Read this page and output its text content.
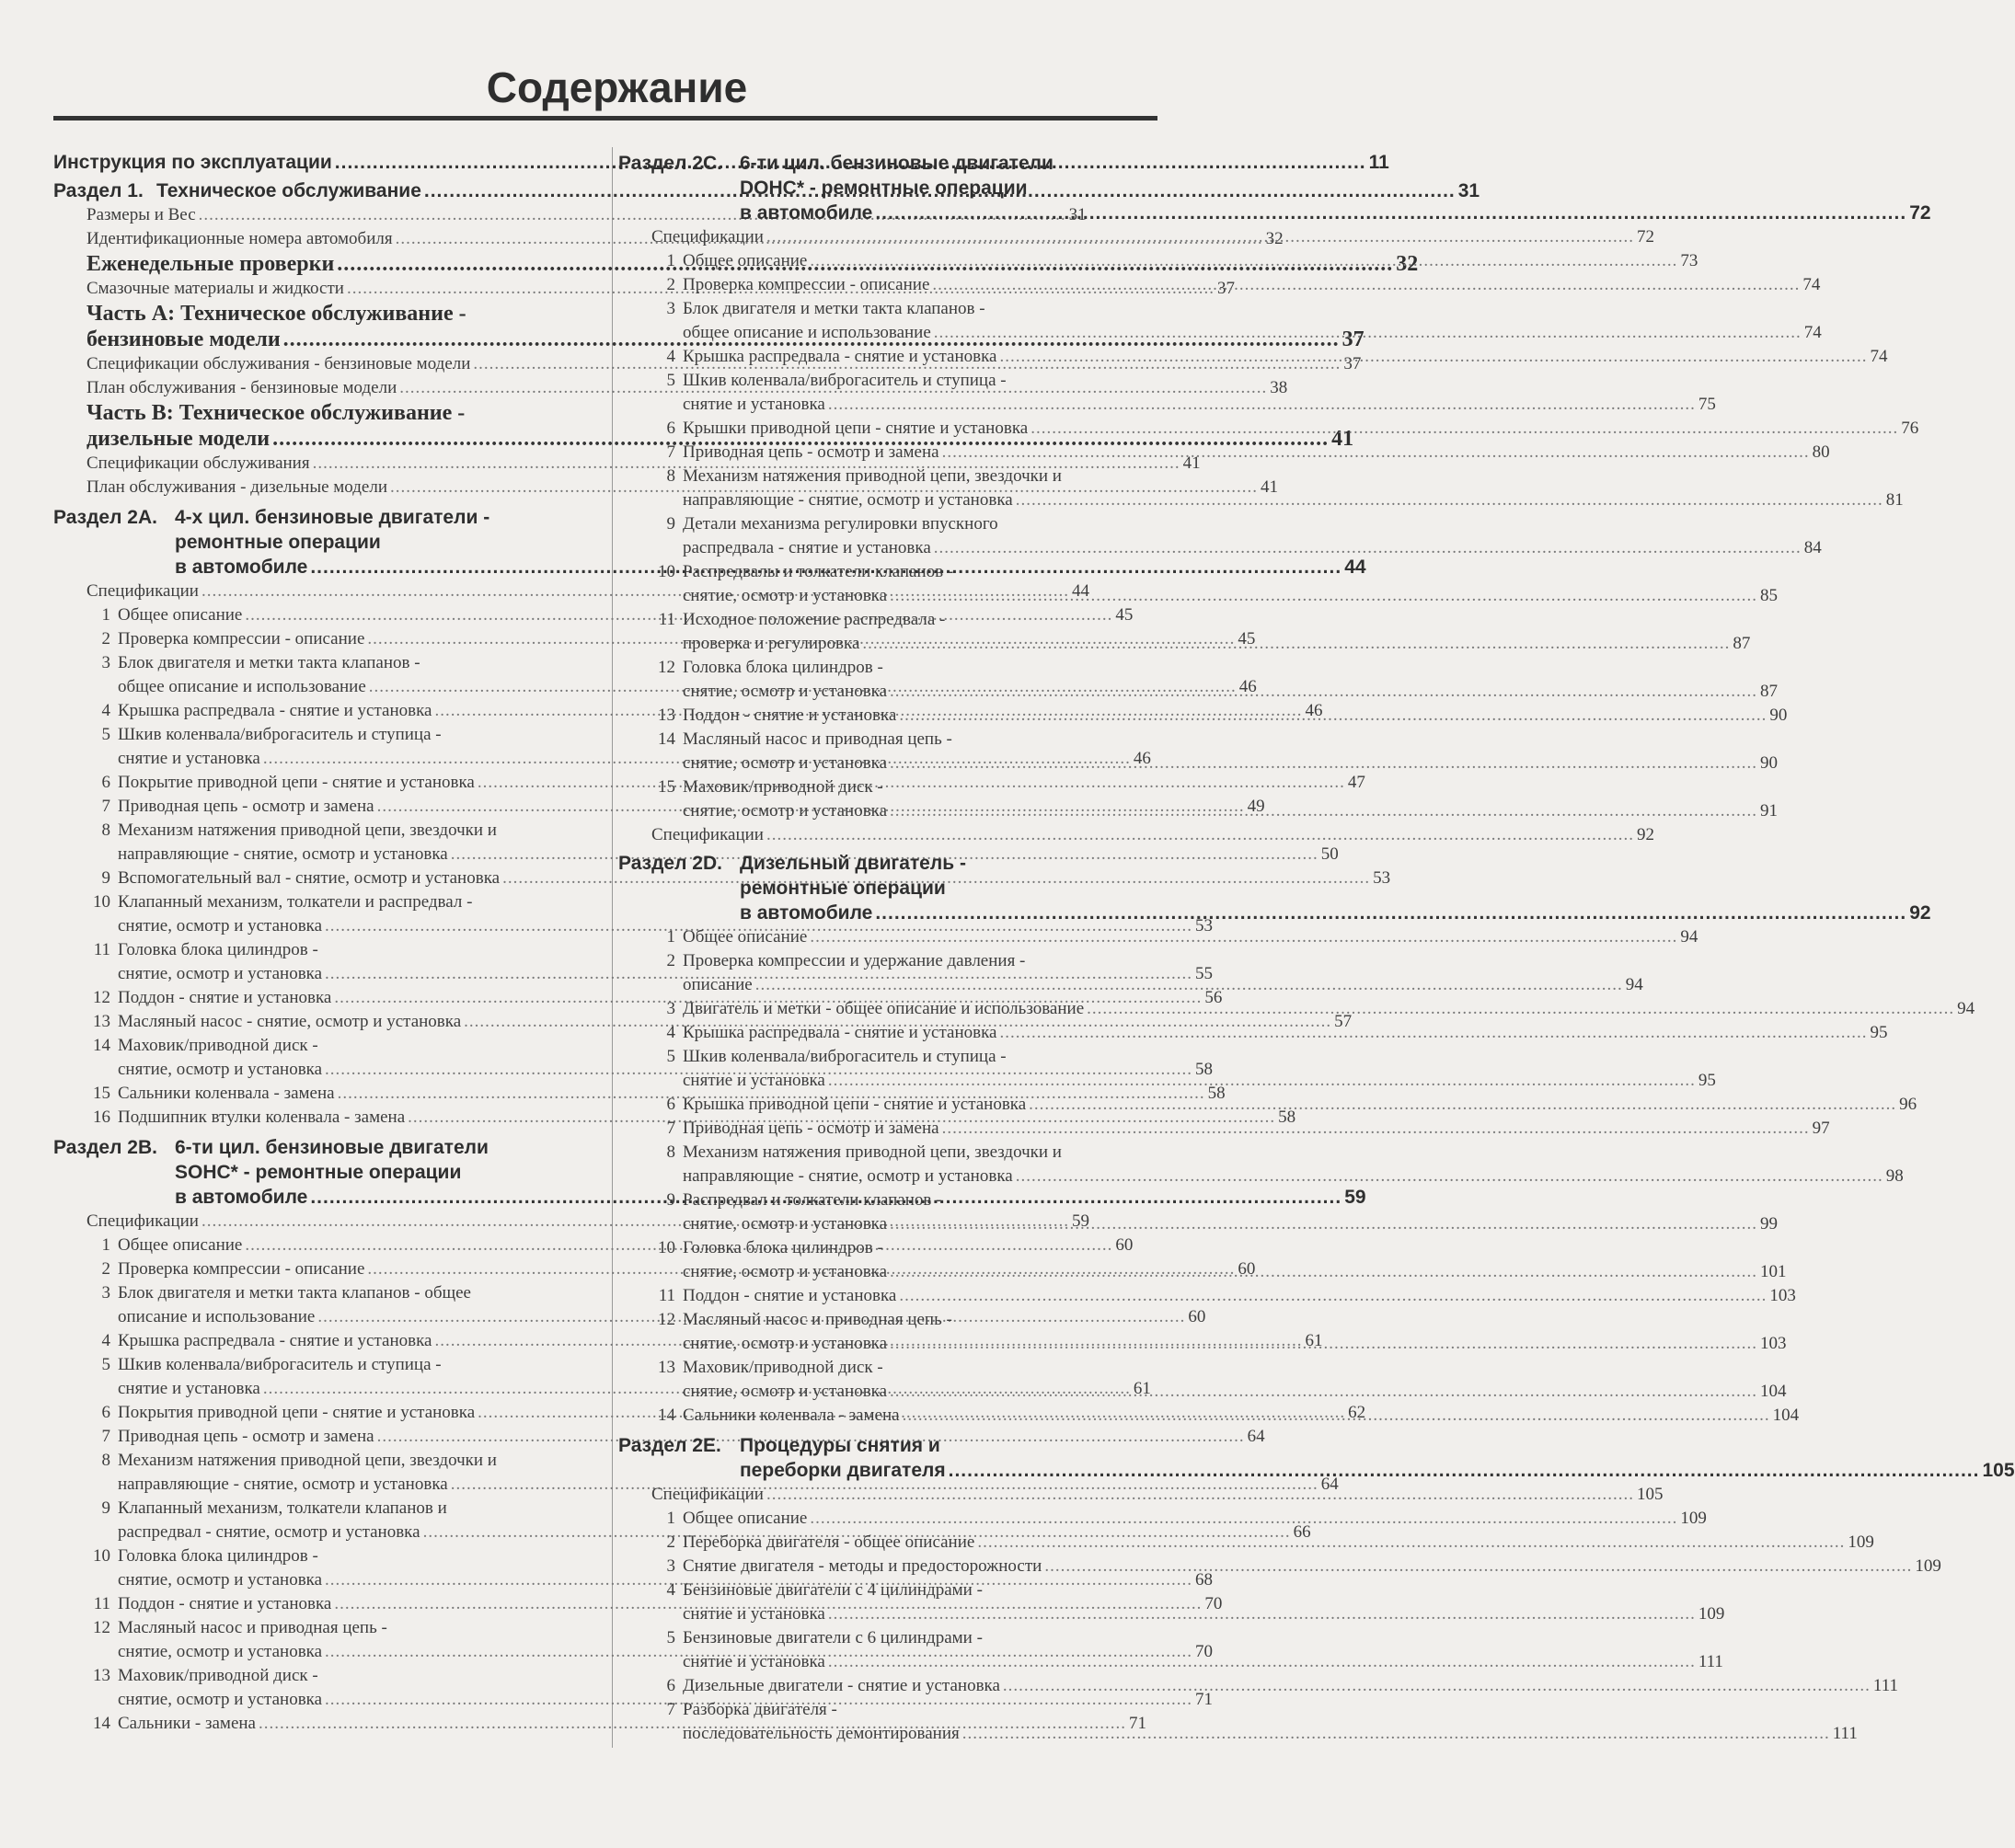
Содержание
Инструкция по эксплуатации .....	11
Раздел 1. Техническое обслуживание .....	31
Размеры и Вес .....	31
Идентификационные номера автомобиля .....	32
Еженедельные проверки .....	32
Смазочные материалы и жидкости .....	37
Часть А: Техническое обслуживание -
бензиновые модели .....	37
Спецификации обслуживания - бензиновые модели .....	37
План обслуживания - бензиновые модели .....	38
Часть В: Техническое обслуживание -
дизельные модели .....	41
Спецификации обслуживания .....	41
План обслуживания - дизельные модели .....	41
Раздел 2А. 4-х цил. бензиновые двигатели -
ремонтные операции
в автомобиле .....	44
Спецификации .....	44
1 Общее описание .....	45
2 Проверка компрессии - описание .....	45
3 Блок двигателя и метки такта клапанов -
общее описание и использование .....	46
4 Крышка распредвала - снятие и установка .....	46
5 Шкив коленвала/виброгаситель и ступица -
снятие и установка .....	46
6 Покрытие приводной цепи - снятие и установка .....	47
7 Приводная цепь - осмотр и замена .....	49
8 Механизм натяжения приводной цепи, звездочки и
направляющие - снятие, осмотр и установка .....	50
9 Вспомогательный вал - снятие, осмотр и установка .....	53
10 Клапанный механизм, толкатели и распредвал -
снятие, осмотр и установка .....	53
11 Головка блока цилиндров -
снятие, осмотр и установка .....	55
12 Поддон - снятие и установка .....	56
13 Масляный насос - снятие, осмотр и установка .....	57
14 Маховик/приводной диск -
снятие, осмотр и установка .....	58
15 Сальники коленвала - замена .....	58
16 Подшипник втулки коленвала - замена .....	58
Раздел 2В. 6-ти цил. бензиновые двигатели
SOHC* - ремонтные операции
в автомобиле .....	59
Спецификации .....	59
1 Общее описание .....	60
2 Проверка компрессии - описание .....	60
3 Блок двигателя и метки такта клапанов - общее
описание и использование .....	60
4 Крышка распредвала - снятие и установка .....	61
5 Шкив коленвала/виброгаситель и ступица -
снятие и установка .....	61
6 Покрытия приводной цепи - снятие и установка .....	62
7 Приводная цепь - осмотр и замена .....	64
8 Механизм натяжения приводной цепи, звездочки и
направляющие - снятие, осмотр и установка .....	64
9 Клапанный механизм, толкатели клапанов и
распредвал - снятие, осмотр и установка .....	66
10 Головка блока цилиндров -
снятие, осмотр и установка .....	68
11 Поддон - снятие и установка .....	70
12 Масляный насос и приводная цепь -
снятие, осмотр и установка .....	70
13 Маховик/приводной диск -
снятие, осмотр и установка .....	71
14 Сальники - замена .....	71
Раздел 2С. 6-ти цил. бензиновые двигатели
DOHC* - ремонтные операции
в автомобиле .....	72
Спецификации .....	72
1 Общее описание .....	73
2 Проверка компрессии - описание .....	74
3 Блок двигателя и метки такта клапанов -
общее описание и использование .....	74
4 Крышка распредвала - снятие и установка .....	74
5 Шкив коленвала/виброгаситель и ступица -
снятие и установка .....	75
6 Крышки приводной цепи - снятие и установка .....	76
7 Приводная цепь - осмотр и замена .....	80
8 Механизм натяжения приводной цепи, звездочки и
направляющие - снятие, осмотр и установка .....	81
9 Детали механизма регулировки впускного
распредвала - снятие и установка .....	84
10 Распредвалы и толкатели клапанов -
снятие, осмотр и установка .....	85
11 Исходное положение распредвала -
проверка и регулировка .....	87
12 Головка блока цилиндров -
снятие, осмотр и установка .....	87
13 Поддон - снятие и установка .....	90
14 Масляный насос и приводная цепь -
снятие, осмотр и установка .....	90
15 Маховик/приводной диск -
снятие, осмотр и установка .....	91
Спецификации .....	92
Раздел 2D. Дизельный двигатель -
ремонтные операции
в автомобиле .....	92
1 Общее описание .....	94
2 Проверка компрессии и удержание давления -
описание .....	94
3 Двигатель и метки - общее описание и использование .....	94
4 Крышка распредвала - снятие и установка .....	95
5 Шкив коленвала/виброгаситель и ступица -
снятие и установка .....	95
6 Крышка приводной цепи - снятие и установка .....	96
7 Приводная цепь - осмотр и замена .....	97
8 Механизм натяжения приводной цепи, звездочки и
направляющие - снятие, осмотр и установка .....	98
9 Распредвал и толкатели клапанов -
снятие, осмотр и установка .....	99
10 Головка блока цилиндров -
снятие, осмотр и установка .....	101
11 Поддон - снятие и установка .....	103
12 Масляный насос и приводная цепь -
снятие, осмотр и установка .....	103
13 Маховик/приводной диск -
снятие, осмотр и установка .....	104
14 Сальники коленвала - замена .....	104
Раздел 2Е. Процедуры снятия и
переборки двигателя .....	105
Спецификации .....	105
1 Общее описание .....	109
2 Переборка двигателя - общее описание .....	109
3 Снятие двигателя - методы и предосторожности .....	109
4 Бензиновые двигатели с 4 цилиндрами -
снятие и установка .....	109
5 Бензиновые двигатели с 6 цилиндрами -
снятие и установка .....	111
6 Дизельные двигатели - снятие и установка .....	111
7 Разборка двигателя -
последовательность демонтирования .....	111
